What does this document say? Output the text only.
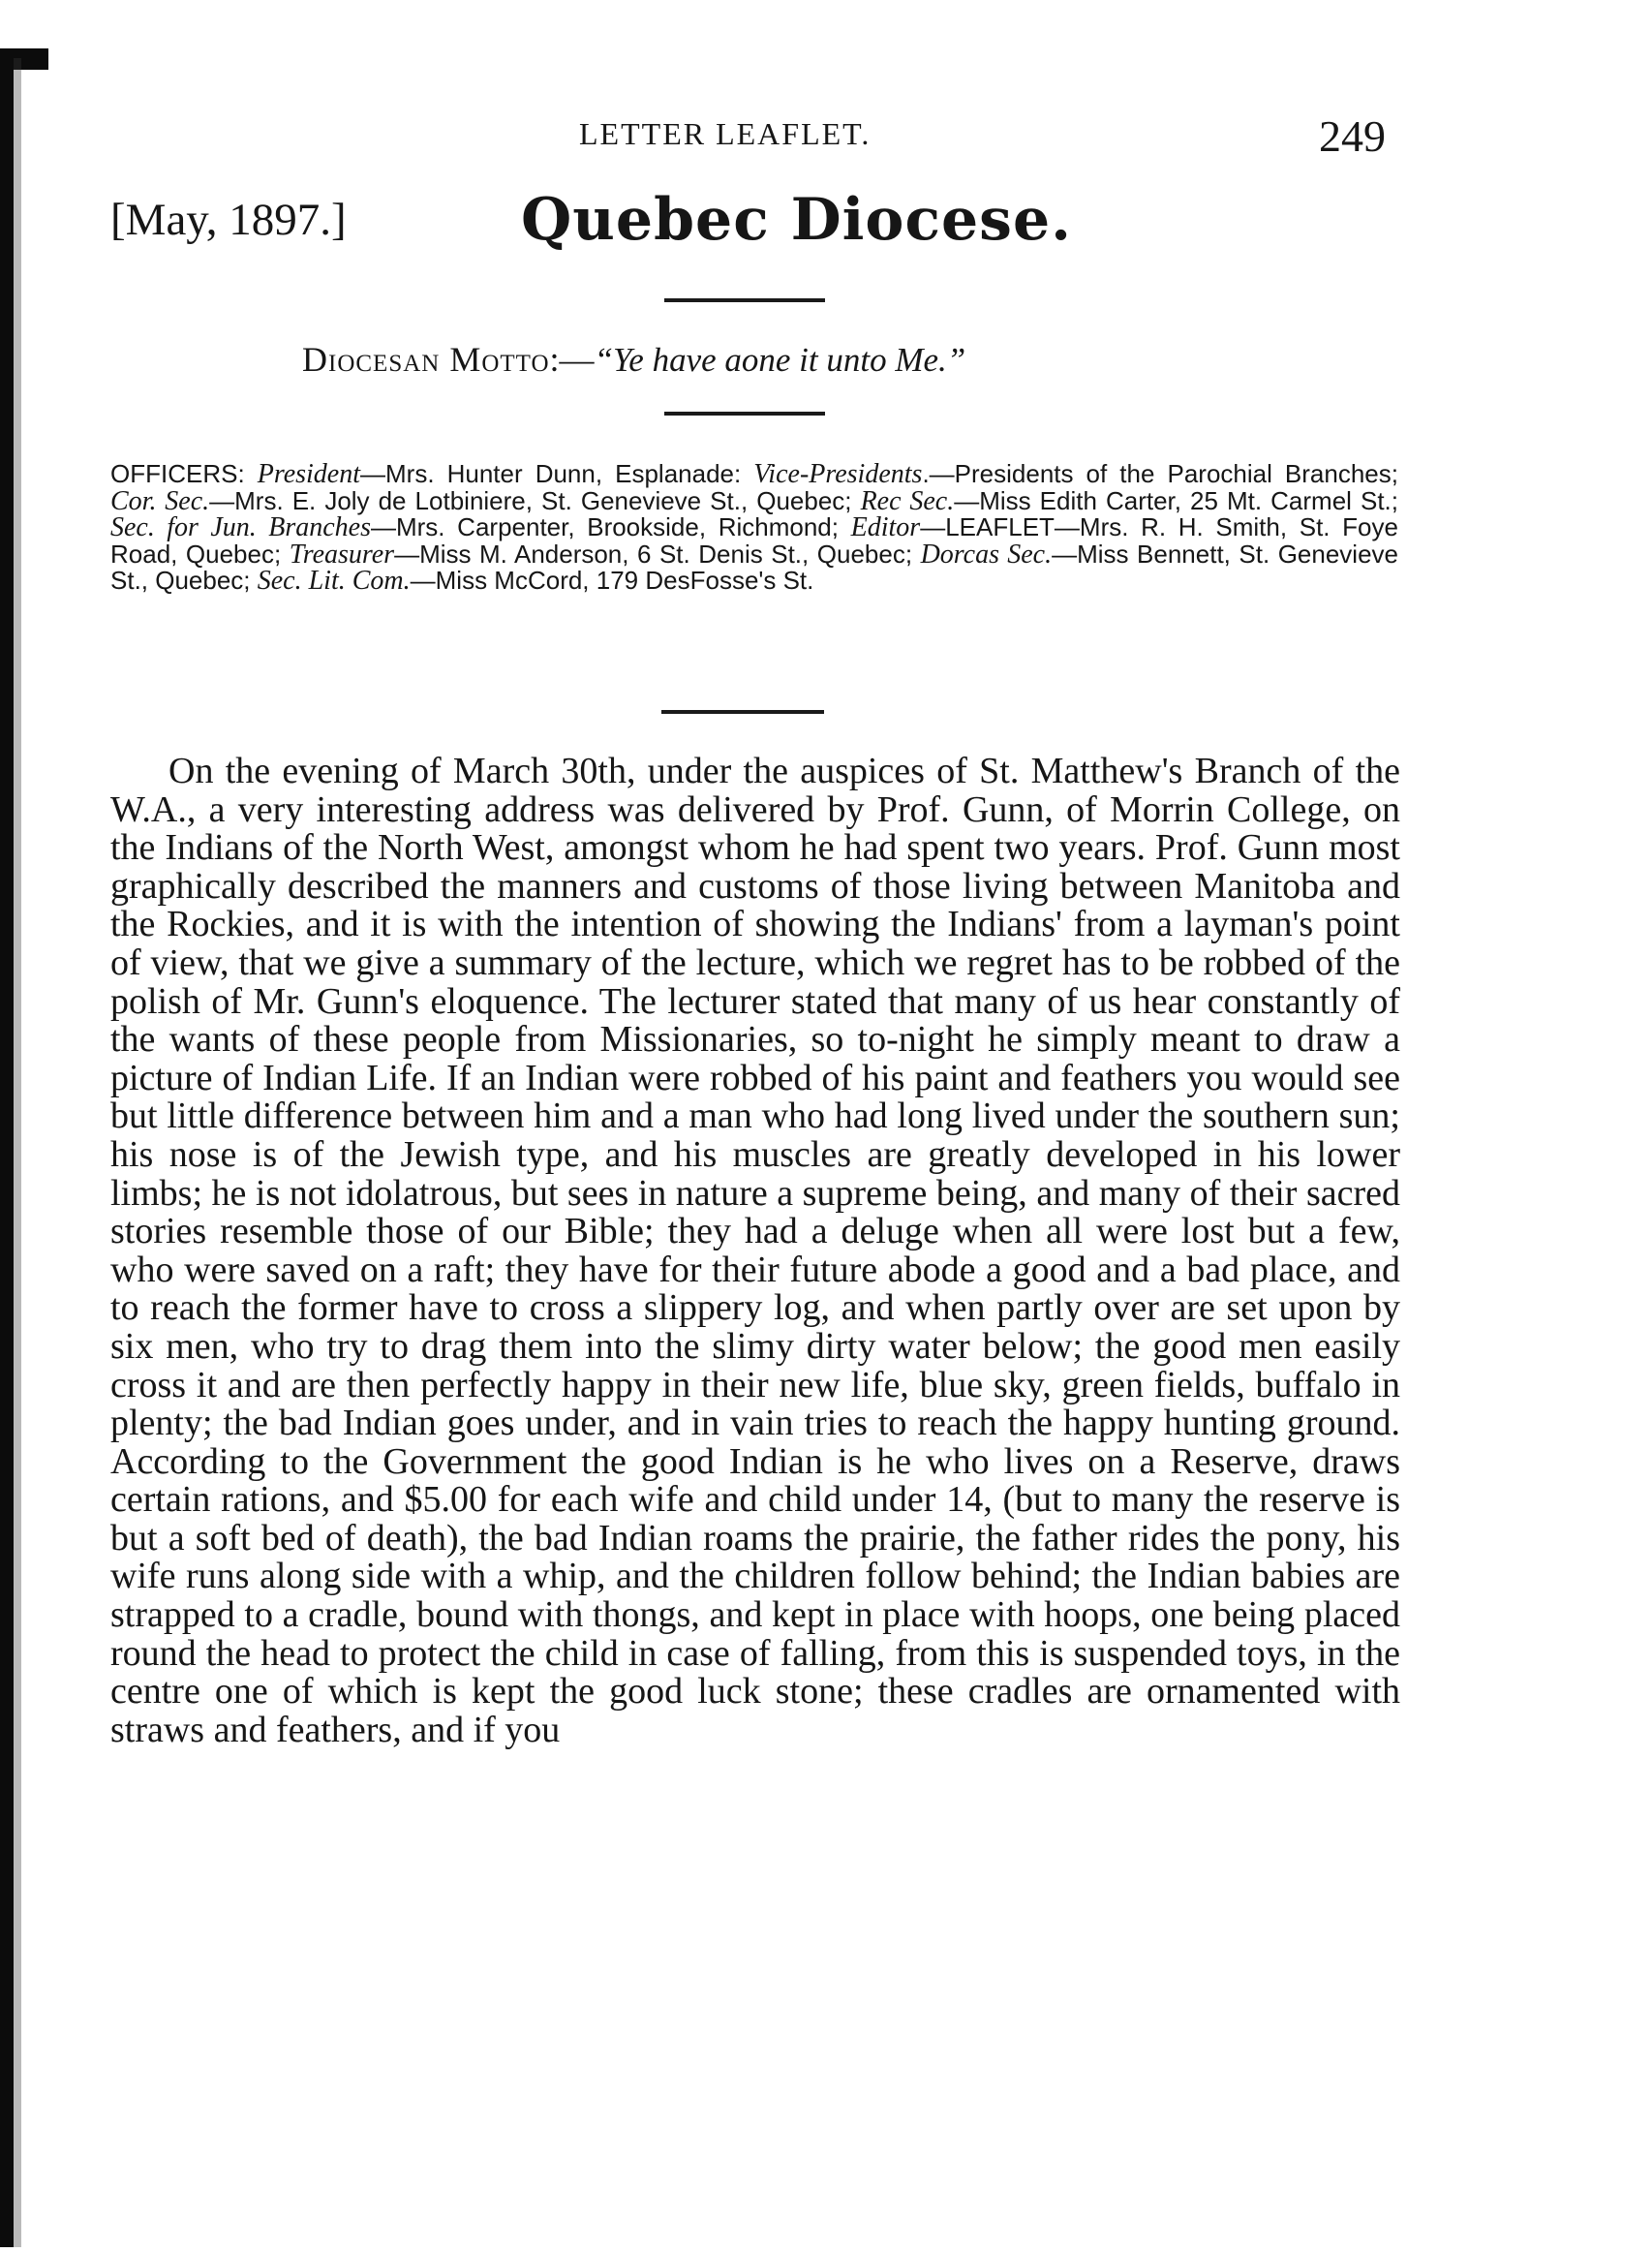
LETTER LEAFLET.	249
[May, 1897.]	Quebec Diocese.
Diocesan Motto:—“Ye have aone it unto Me.”
OFFICERS: President—Mrs. Hunter Dunn, Esplanade: Vice-Presidents.—Presidents of the Parochial Branches; Cor. Sec.—Mrs. E. Joly de Lotbiniere, St. Genevieve St., Quebec; Rec Sec.—Miss Edith Carter, 25 Mt. Carmel St.; Sec. for Jun. Branches—Mrs. Carpenter, Brookside, Richmond; Editor—LEAFLET—Mrs. R. H. Smith, St. Foye Road, Quebec; Treasurer—Miss M. Anderson, 6 St. Denis St., Quebec; Dorcas Sec.—Miss Bennett, St. Genevieve St., Quebec; Sec. Lit. Com.—Miss McCord, 179 DesFosse's St.

On the evening of March 30th, under the auspices of St. Matthew's Branch of the W.A., a very interesting address was delivered by Prof. Gunn, of Morrin College, on the Indians of the North West, amongst whom he had spent two years. Prof. Gunn most graphically described the manners and customs of those living between Manitoba and the Rockies, and it is with the intention of showing the Indians' from a layman's point of view, that we give a summary of the lecture, which we regret has to be robbed of the polish of Mr. Gunn's eloquence. The lecturer stated that many of us hear constantly of the wants of these people from Missionaries, so to-night he simply meant to draw a picture of Indian Life. If an Indian were robbed of his paint and feathers you would see but little difference between him and a man who had long lived under the southern sun; his nose is of the Jewish type, and his muscles are greatly developed in his lower limbs; he is not idolatrous, but sees in nature a supreme being, and many of their sacred stories resemble those of our Bible; they had a deluge when all were lost but a few, who were saved on a raft; they have for their future abode a good and a bad place, and to reach the former have to cross a slippery log, and when partly over are set upon by six men, who try to drag them into the slimy dirty water below; the good men easily cross it and are then perfectly happy in their new life, blue sky, green fields, buffalo in plenty; the bad Indian goes under, and in vain tries to reach the happy hunting ground. According to the Government the good Indian is he who lives on a Reserve, draws certain rations, and $5.00 for each wife and child under 14, (but to many the reserve is but a soft bed of death), the bad Indian roams the prairie, the father rides the pony, his wife runs along side with a whip, and the children follow behind; the Indian babies are strapped to a cradle, bound with thongs, and kept in place with hoops, one being placed round the head to protect the child in case of falling, from this is suspended toys, in the centre one of which is kept the good luck stone; these cradles are ornamented with straws and feathers, and if you
